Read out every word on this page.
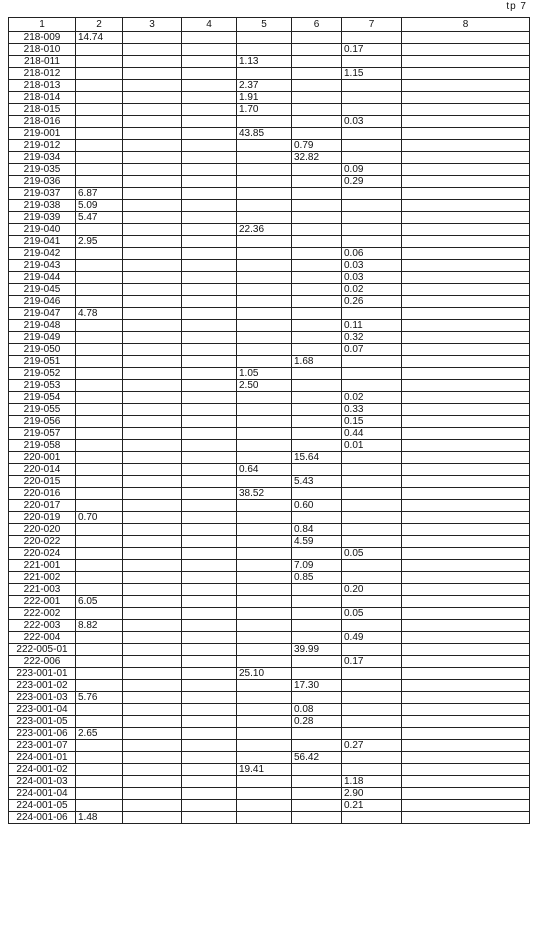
tp 7
1	2	3	4	5	6	7	8
218-009	14.74						
218-010						0.17	
218-011				1.13			
218-012						1.15	
218-013				2.37			
218-014				1.91			
218-015				1.70			
218-016						0.03	
219-001				43.85			
219-012					0.79		
219-034					32.82		
219-035						0.09	
219-036						0.29	
219-037	6.87						
219-038	5.09						
219-039	5.47						
219-040				22.36			
219-041	2.95						
219-042						0.06	
219-043						0.03	
219-044						0.03	
219-045						0.02	
219-046						0.26	
219-047	4.78						
219-048						0.11	
219-049						0.32	
219-050						0.07	
219-051					1.68		
219-052				1.05			
219-053				2.50			
219-054						0.02	
219-055						0.33	
219-056						0.15	
219-057						0.44	
219-058						0.01	
220-001					15.64		
220-014				0.64			
220-015					5.43		
220-016				38.52			
220-017					0.60		
220-019	0.70						
220-020					0.84		
220-022					4.59		
220-024						0.05	
221-001					7.09		
221-002					0.85		
221-003						0.20	
222-001	6.05						
222-002						0.05	
222-003	8.82						
222-004						0.49	
222-005-01					39.99		
222-006						0.17	
223-001-01				25.10			
223-001-02					17.30		
223-001-03	5.76						
223-001-04					0.08		
223-001-05					0.28		
223-001-06	2.65						
223-001-07						0.27	
224-001-01					56.42		
224-001-02				19.41			
224-001-03						1.18	
224-001-04						2.90	
224-001-05						0.21	
224-001-06	1.48						
